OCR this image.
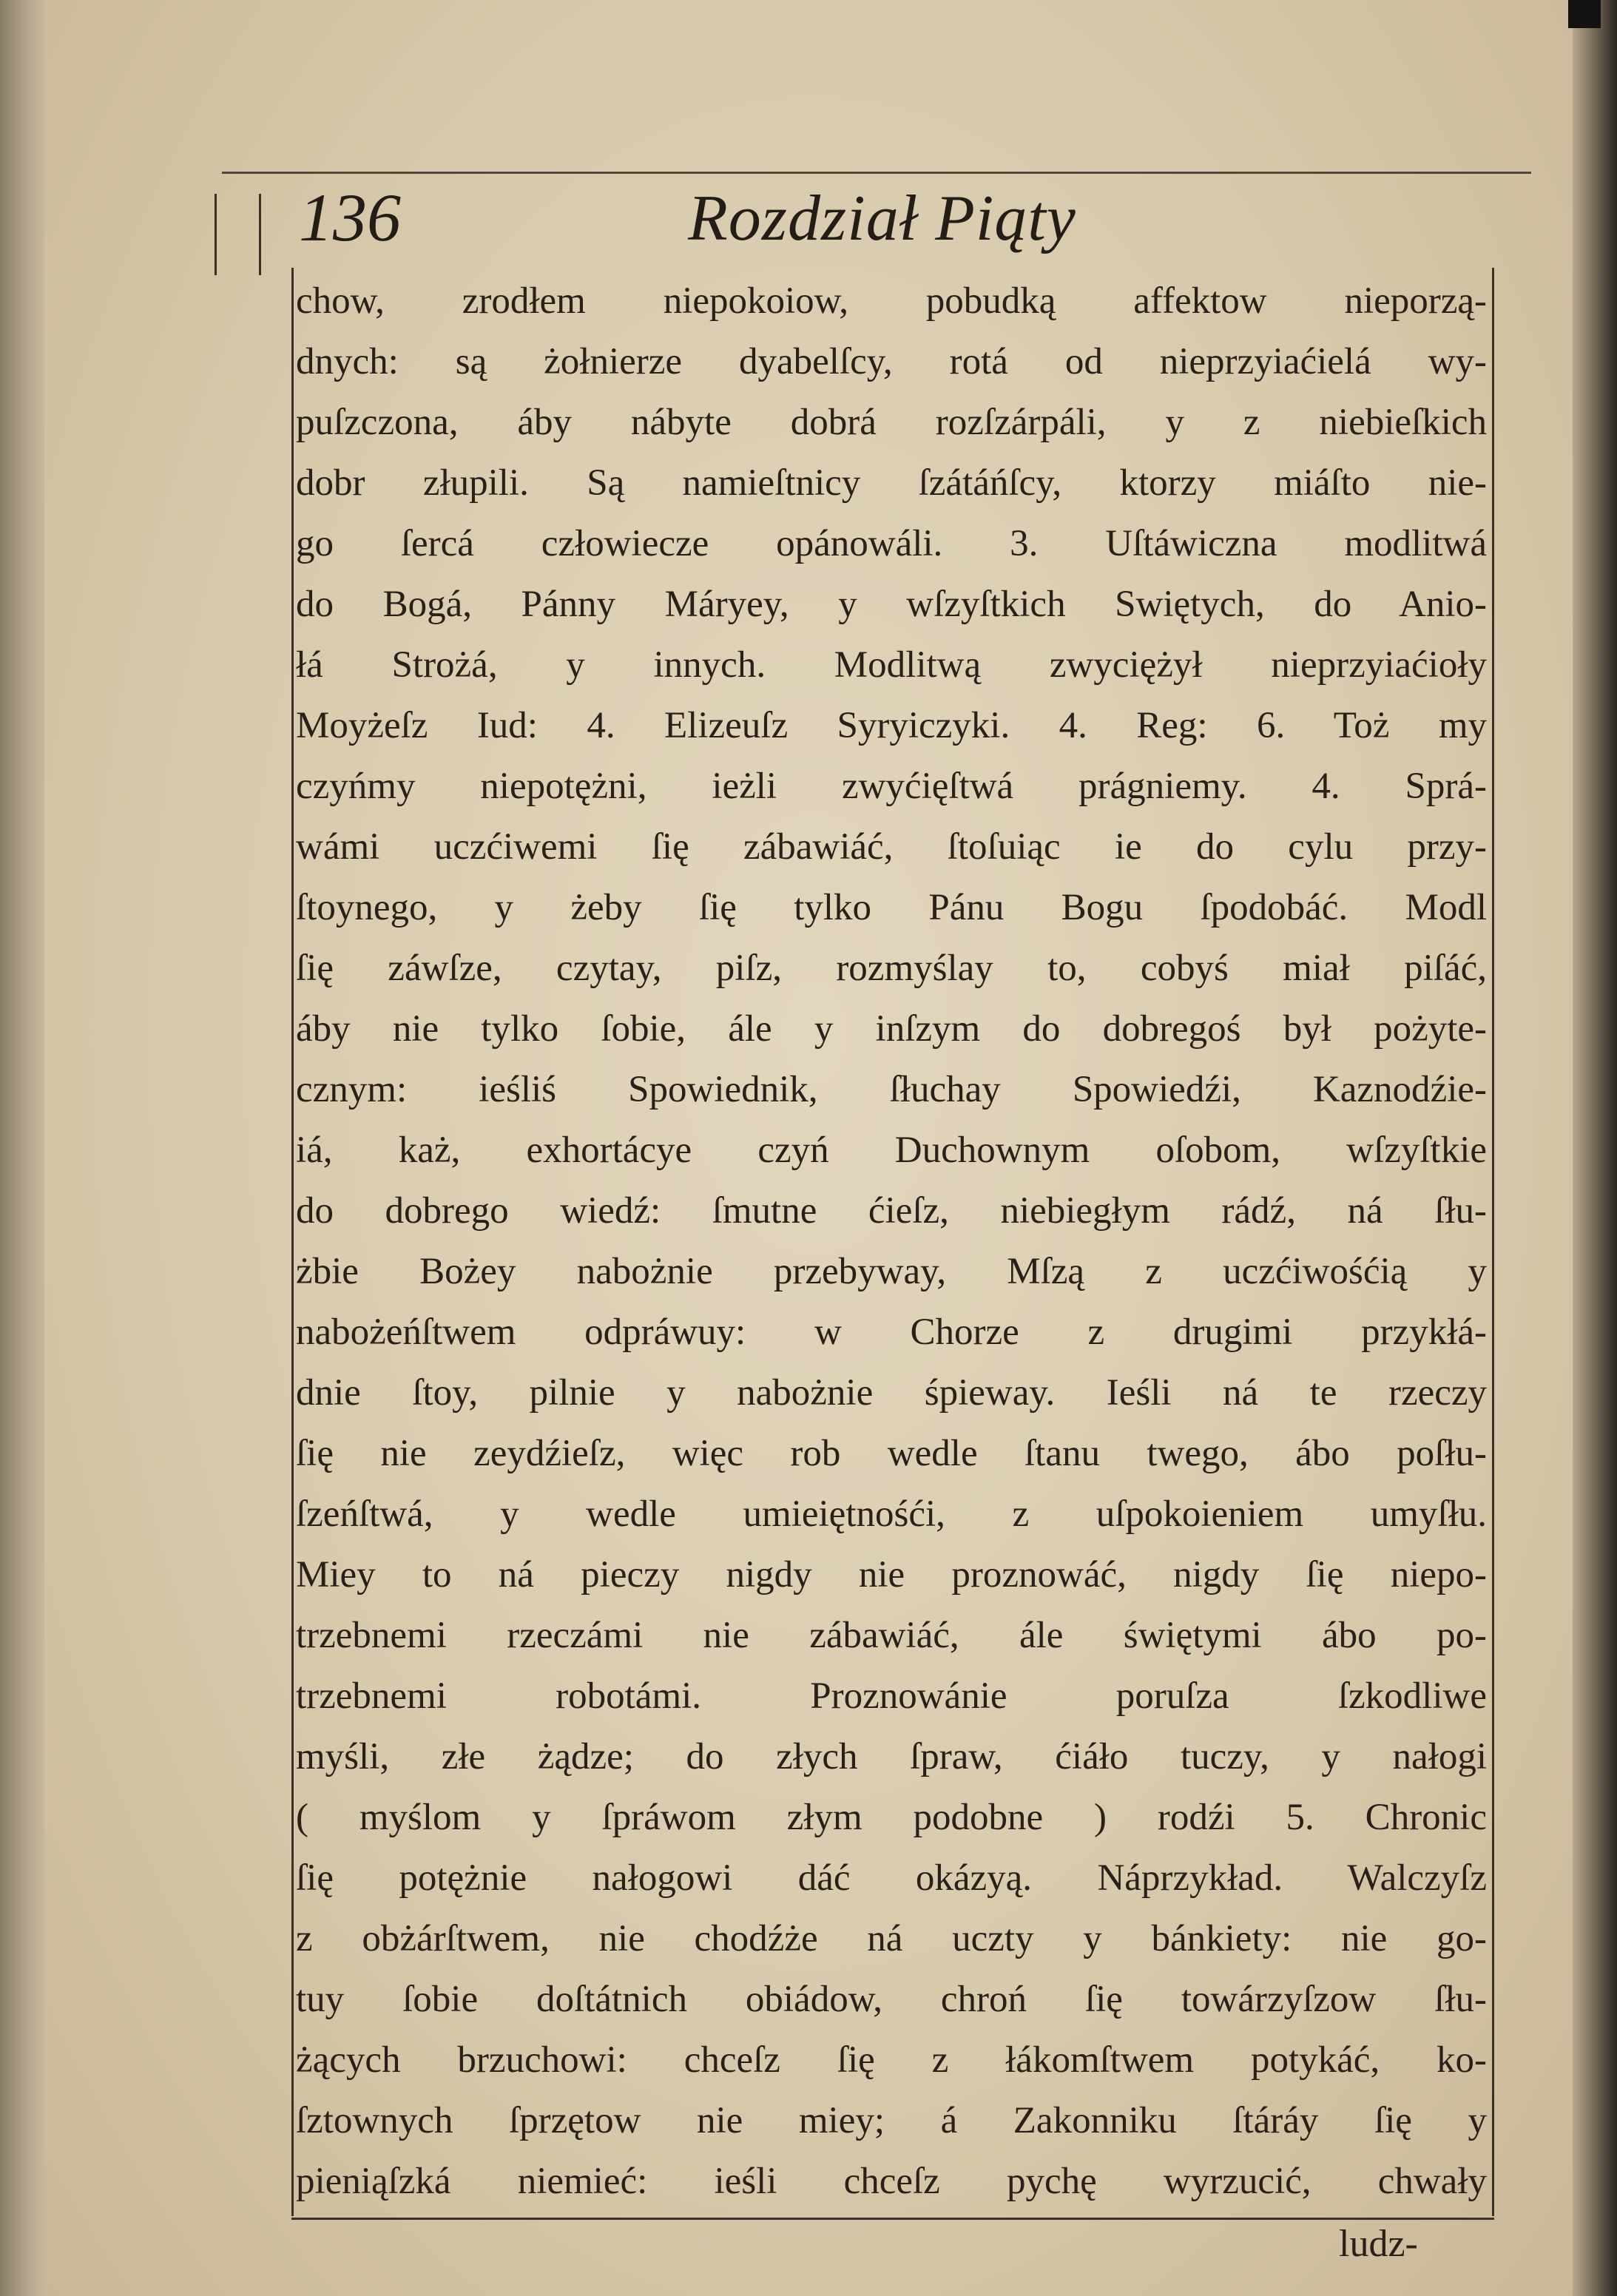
136	Rozdział Piąty
chow, zrodłem niepokoiow, pobudką affektow nieporzą-
dnych: są żołnierze dyabelſcy, rotá od nieprzyiaćielá wy-
puſzczona, áby nábyte dobrá rozſzárpáli, y z niebieſkich
dobr złupili. Są namieſtnicy ſzátáńſcy, ktorzy miáſto nie-
go ſercá człowiecze opánowáli. 3. Uſtáwiczna modlitwá
do Bogá, Pánny Máryey, y wſzyſtkich Swiętych, do Anio-
łá Strożá, y innych. Modlitwą zwyciężył nieprzyiaćioły
Moyżeſz Iud: 4. Elizeuſz Syryiczyki. 4. Reg: 6. Toż my
czyńmy niepotężni, ieżli zwyćięſtwá prágniemy. 4. Sprá-
wámi uczćiwemi ſię zábawiáć, ſtoſuiąc ie do cylu przy-
ſtoynego, y żeby ſię tylko Pánu Bogu ſpodobáć. Modl
ſię záwſze, czytay, piſz, rozmyślay to, cobyś miał piſáć,
áby nie tylko ſobie, ále y inſzym do dobregoś był pożyte-
cznym: ieśliś Spowiednik, ſłuchay Spowiedźi, Kaznodźie-
iá, każ, exhortácye czyń Duchownym oſobom, wſzyſtkie
do dobrego wiedź: ſmutne ćieſz, niebiegłym rádź, ná ſłu-
żbie Bożey nabożnie przebyway, Mſzą z uczćiwośćią y
nabożeńſtwem odpráwuy: w Chorze z drugimi przykłá-
dnie ſtoy, pilnie y nabożnie śpieway. Ieśli ná te rzeczy
ſię nie zeydźieſz, więc rob wedle ſtanu twego, ábo poſłu-
ſzeńſtwá, y wedle umieiętnośći, z uſpokoieniem umyſłu.
Miey to ná pieczy nigdy nie proznowáć, nigdy ſię niepo-
trzebnemi rzeczámi nie zábawiáć, ále świętymi ábo po-
trzebnemi robotámi. Proznowánie poruſza ſzkodliwe
myśli, złe żądze; do złych ſpraw, ćiáło tuczy, y nałogi
( myślom y ſpráwom złym podobne ) rodźi 5. Chronic
ſię potężnie nałogowi dáć okázyą. Náprzykład. Walczyſz
z obżárſtwem, nie chodźże ná uczty y bánkiety: nie go-
tuy ſobie doſtátnich obiádow, chroń ſię towárzyſzow ſłu-
żących brzuchowi: chceſz ſię z łákomſtwem potykáć, ko-
ſztownych ſprzętow nie miey; á Zakonniku ſtáráy ſię y
pieniąſzká niemieć: ieśli chceſz pychę wyrzucić, chwały
ludz-
